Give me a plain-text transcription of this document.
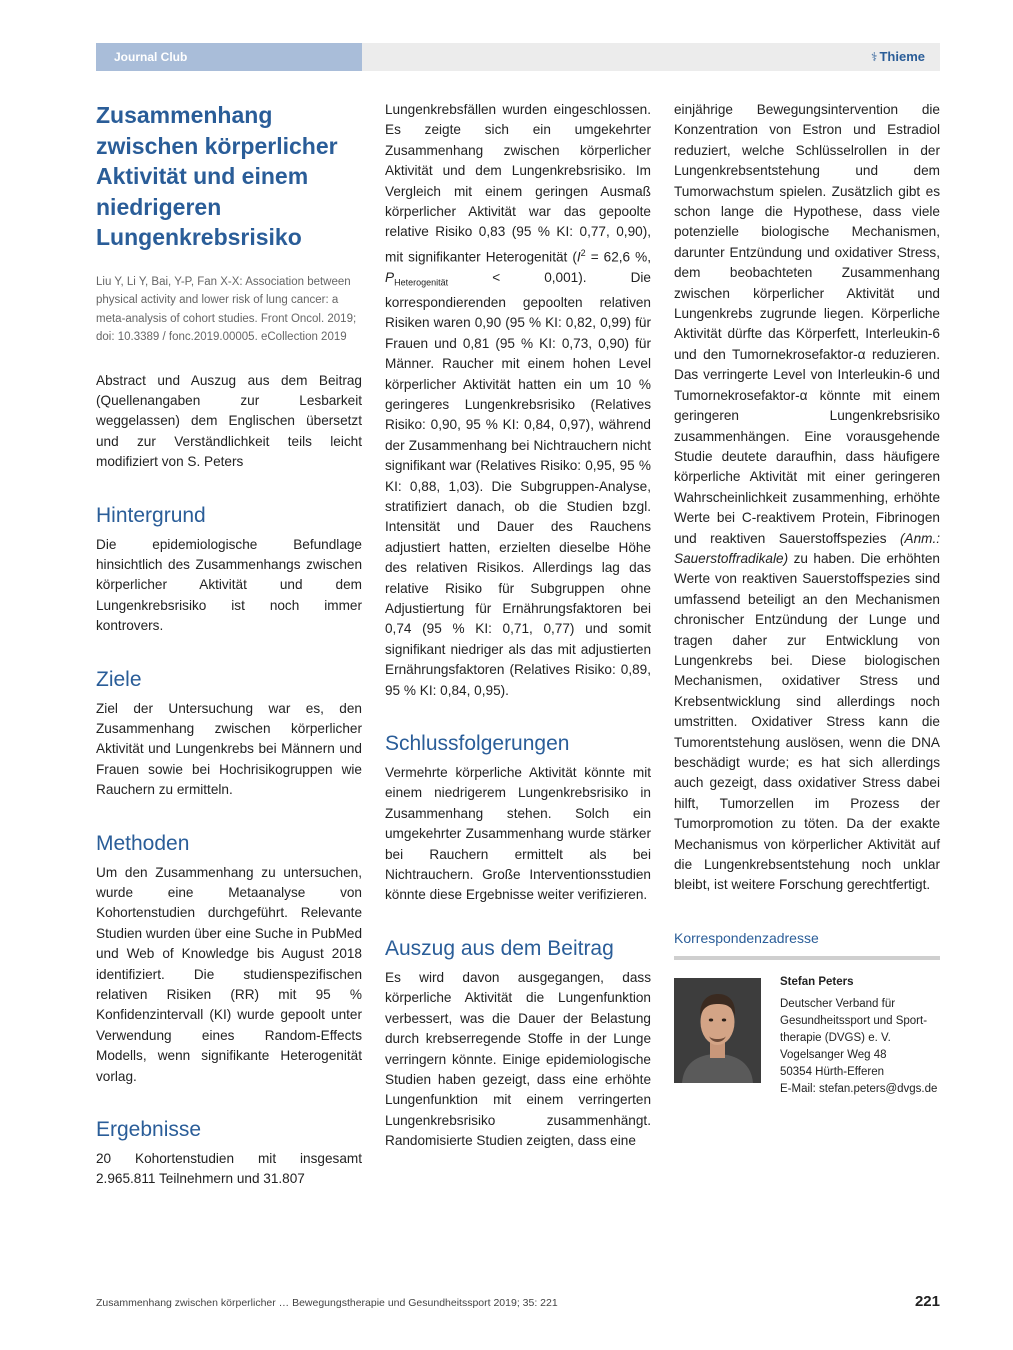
Journal Club	⚕ Thieme
Zusammenhang zwischen körperlicher Aktivität und einem niedrigeren Lungenkrebsrisiko

Liu Y, Li Y, Bai, Y-P, Fan X-X: Association between physical activity and lower risk of lung cancer: a meta-analysis of cohort studies. Front Oncol. 2019; doi: 10.3389 / fonc.2019.00005. eCollection 2019

Abstract und Auszug aus dem Beitrag (Quellenangaben zur Lesbarkeit weggelassen) dem Englischen übersetzt und zur Verständlichkeit teils leicht modifiziert von S. Peters

Hintergrund

Die epidemiologische Befundlage hinsichtlich des Zusammenhangs zwischen körperlicher Aktivität und dem Lungenkrebsrisiko ist noch immer kontrovers.

Ziele

Ziel der Untersuchung war es, den Zusammenhang zwischen körperlicher Aktivität und Lungenkrebs bei Männern und Frauen sowie bei Hochrisikogruppen wie Rauchern zu ermitteln.

Methoden

Um den Zusammenhang zu untersuchen, wurde eine Metaanalyse von Kohortenstudien durchgeführt. Relevante Studien wurden über eine Suche in PubMed und Web of Knowledge bis August 2018 identifiziert. Die studienspezifischen relativen Risiken (RR) mit 95 % Konfidenzintervall (KI) wurde gepoolt unter Verwendung eines Random-Effects Modells, wenn signifikante Heterogenität vorlag.

Ergebnisse

20 Kohortenstudien mit insgesamt 2.965.811 Teilnehmern und 31.807

Lungenkrebsfällen wurden eingeschlossen. Es zeigte sich ein umgekehrter Zusammenhang zwischen körperlicher Aktivität und dem Lungenkrebsrisiko. Im Vergleich mit einem geringen Ausmaß körperlicher Aktivität war das gepoolte relative Risiko 0,83 (95 % KI: 0,77, 0,90), mit signifikanter Heterogenität ($I^2 = 62,6$ %, $P_{Heterogenität} < 0,001$). Die korrespondierenden gepoolten relativen Risiken waren 0,90 (95 % KI: 0,82, 0,99) für Frauen und 0,81 (95 % KI: 0,73, 0,90) für Männer. Raucher mit einem hohen Level körperlicher Aktivität hatten ein um 10 % geringeres Lungenkrebsrisiko (Relatives Risiko: 0,90, 95 % KI: 0,84, 0,97), während der Zusammenhang bei Nichtrauchern nicht signifikant war (Relatives Risiko: 0,95, 95 % KI: 0,88, 1,03). Die Subgruppen-Analyse, stratifiziert danach, ob die Studien bzgl. Intensität und Dauer des Rauchens adjustiert hatten, erzielten dieselbe Höhe des relativen Risikos. Allerdings lag das relative Risiko für Subgruppen ohne Adjustiertung für Ernährungsfaktoren bei 0,74 (95 % KI: 0,71, 0,77) und somit signifikant niedriger als das mit adjustierten Ernährungsfaktoren (Relatives Risiko: 0,89, 95 % KI: 0,84, 0,95).

Schlussfolgerungen

Vermehrte körperliche Aktivität könnte mit einem niedrigerem Lungenkrebsrisiko in Zusammenhang stehen. Solch ein umgekehrter Zusammenhang wurde stärker bei Rauchern ermittelt als bei Nichtrauchern. Große Interventionsstudien könnte diese Ergebnisse weiter verifizieren.

Auszug aus dem Beitrag

Es wird davon ausgegangen, dass körperliche Aktivität die Lungenfunktion verbessert, was die Dauer der Belastung durch krebserregende Stoffe in der Lunge verringern könnte. Einige epidemiologische Studien haben gezeigt, dass eine erhöhte Lungenfunktion mit einem verringerten Lungenkrebsrisiko zusammenhängt. Randomisierte Studien zeigten, dass eine

einjährige Bewegungsintervention die Konzentration von Estron und Estradiol reduziert, welche Schlüsselrollen in der Lungenkrebsentstehung und dem Tumorwachstum spielen. Zusätzlich gibt es schon lange die Hypothese, dass viele potenzielle biologische Mechanismen, darunter Entzündung und oxidativer Stress, dem beobachteten Zusammenhang zwischen körperlicher Aktivität und Lungenkrebs zugrunde liegen. Körperliche Aktivität dürfte das Körperfett, Interleukin-6 und den Tumornekrosefaktor-α reduzieren. Das verringerte Level von Interleukin-6 und Tumornekrosefaktor-α könnte mit einem geringeren Lungenkrebsrisiko zusammenhängen. Eine vorausgehende Studie deutete daraufhin, dass häufigere körperliche Aktivität mit einer geringeren Wahrscheinlichkeit zusammenhing, erhöhte Werte bei C-reaktivem Protein, Fibrinogen und reaktiven Sauerstoffspezies (Anm.: Sauerstoffradikale) zu haben. Die erhöhten Werte von reaktiven Sauerstoffspezies sind umfassend beteiligt an den Mechanismen chronischer Entzündung der Lunge und tragen daher zur Entwicklung von Lungenkrebs bei. Diese biologischen Mechanismen, oxidativer Stress und Krebsentwicklung sind allerdings noch umstritten. Oxidativer Stress kann die Tumorentstehung auslösen, wenn die DNA beschädigt wurde; es hat sich allerdings auch gezeigt, dass oxidativer Stress dabei hilft, Tumorzellen im Prozess der Tumorpromotion zu töten. Da der exakte Mechanismus von körperlicher Aktivität auf die Lungenkrebsentstehung noch unklar bleibt, ist weitere Forschung gerechtfertigt.

Korrespondenzadresse
Stefan Peters
Deutscher Verband für
Gesundheitssport und Sport-
therapie (DVGS) e. V.
Vogelsanger Weg 48
50354 Hürth-Efferen
E-Mail: stefan.peters@dvgs.de
Zusammenhang zwischen körperlicher … Bewegungstherapie und Gesundheitssport 2019; 35: 221	221
